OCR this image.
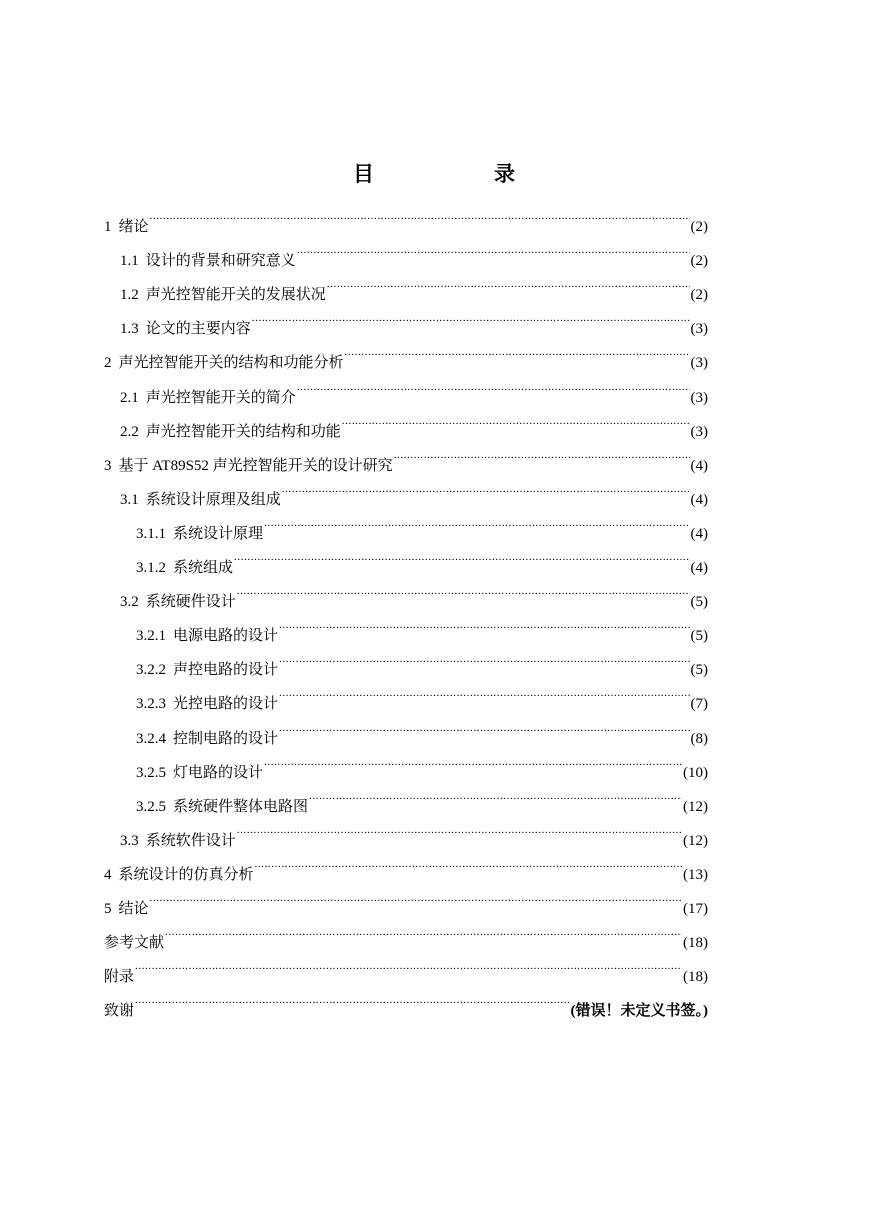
目	录
1 绪论 .....	(2)
1.1 设计的背景和研究意义 .....	(2)
1.2 声光控智能开关的发展状况 .....	(2)
1.3 论文的主要内容 .....	(3)
2 声光控智能开关的结构和功能分析 .....	(3)
2.1 声光控智能开关的简介 .....	(3)
2.2 声光控智能开关的结构和功能 .....	(3)
3 基于 AT89S52 声光控智能开关的设计研究 .....	(4)
3.1 系统设计原理及组成 .....	(4)
3.1.1 系统设计原理 .....	(4)
3.1.2 系统组成 .....	(4)
3.2 系统硬件设计 .....	(5)
3.2.1 电源电路的设计 .....	(5)
3.2.2 声控电路的设计 .....	(5)
3.2.3 光控电路的设计 .....	(7)
3.2.4 控制电路的设计 .....	(8)
3.2.5 灯电路的设计 .....	(10)
3.2.5 系统硬件整体电路图 .....	(12)
3.3 系统软件设计 .....	(12)
4 系统设计的仿真分析 .....	(13)
5 结论 .....	(17)
参考文献 .....	(18)
附录 .....	(18)
致谢 .....	(错误！未定义书签。)
